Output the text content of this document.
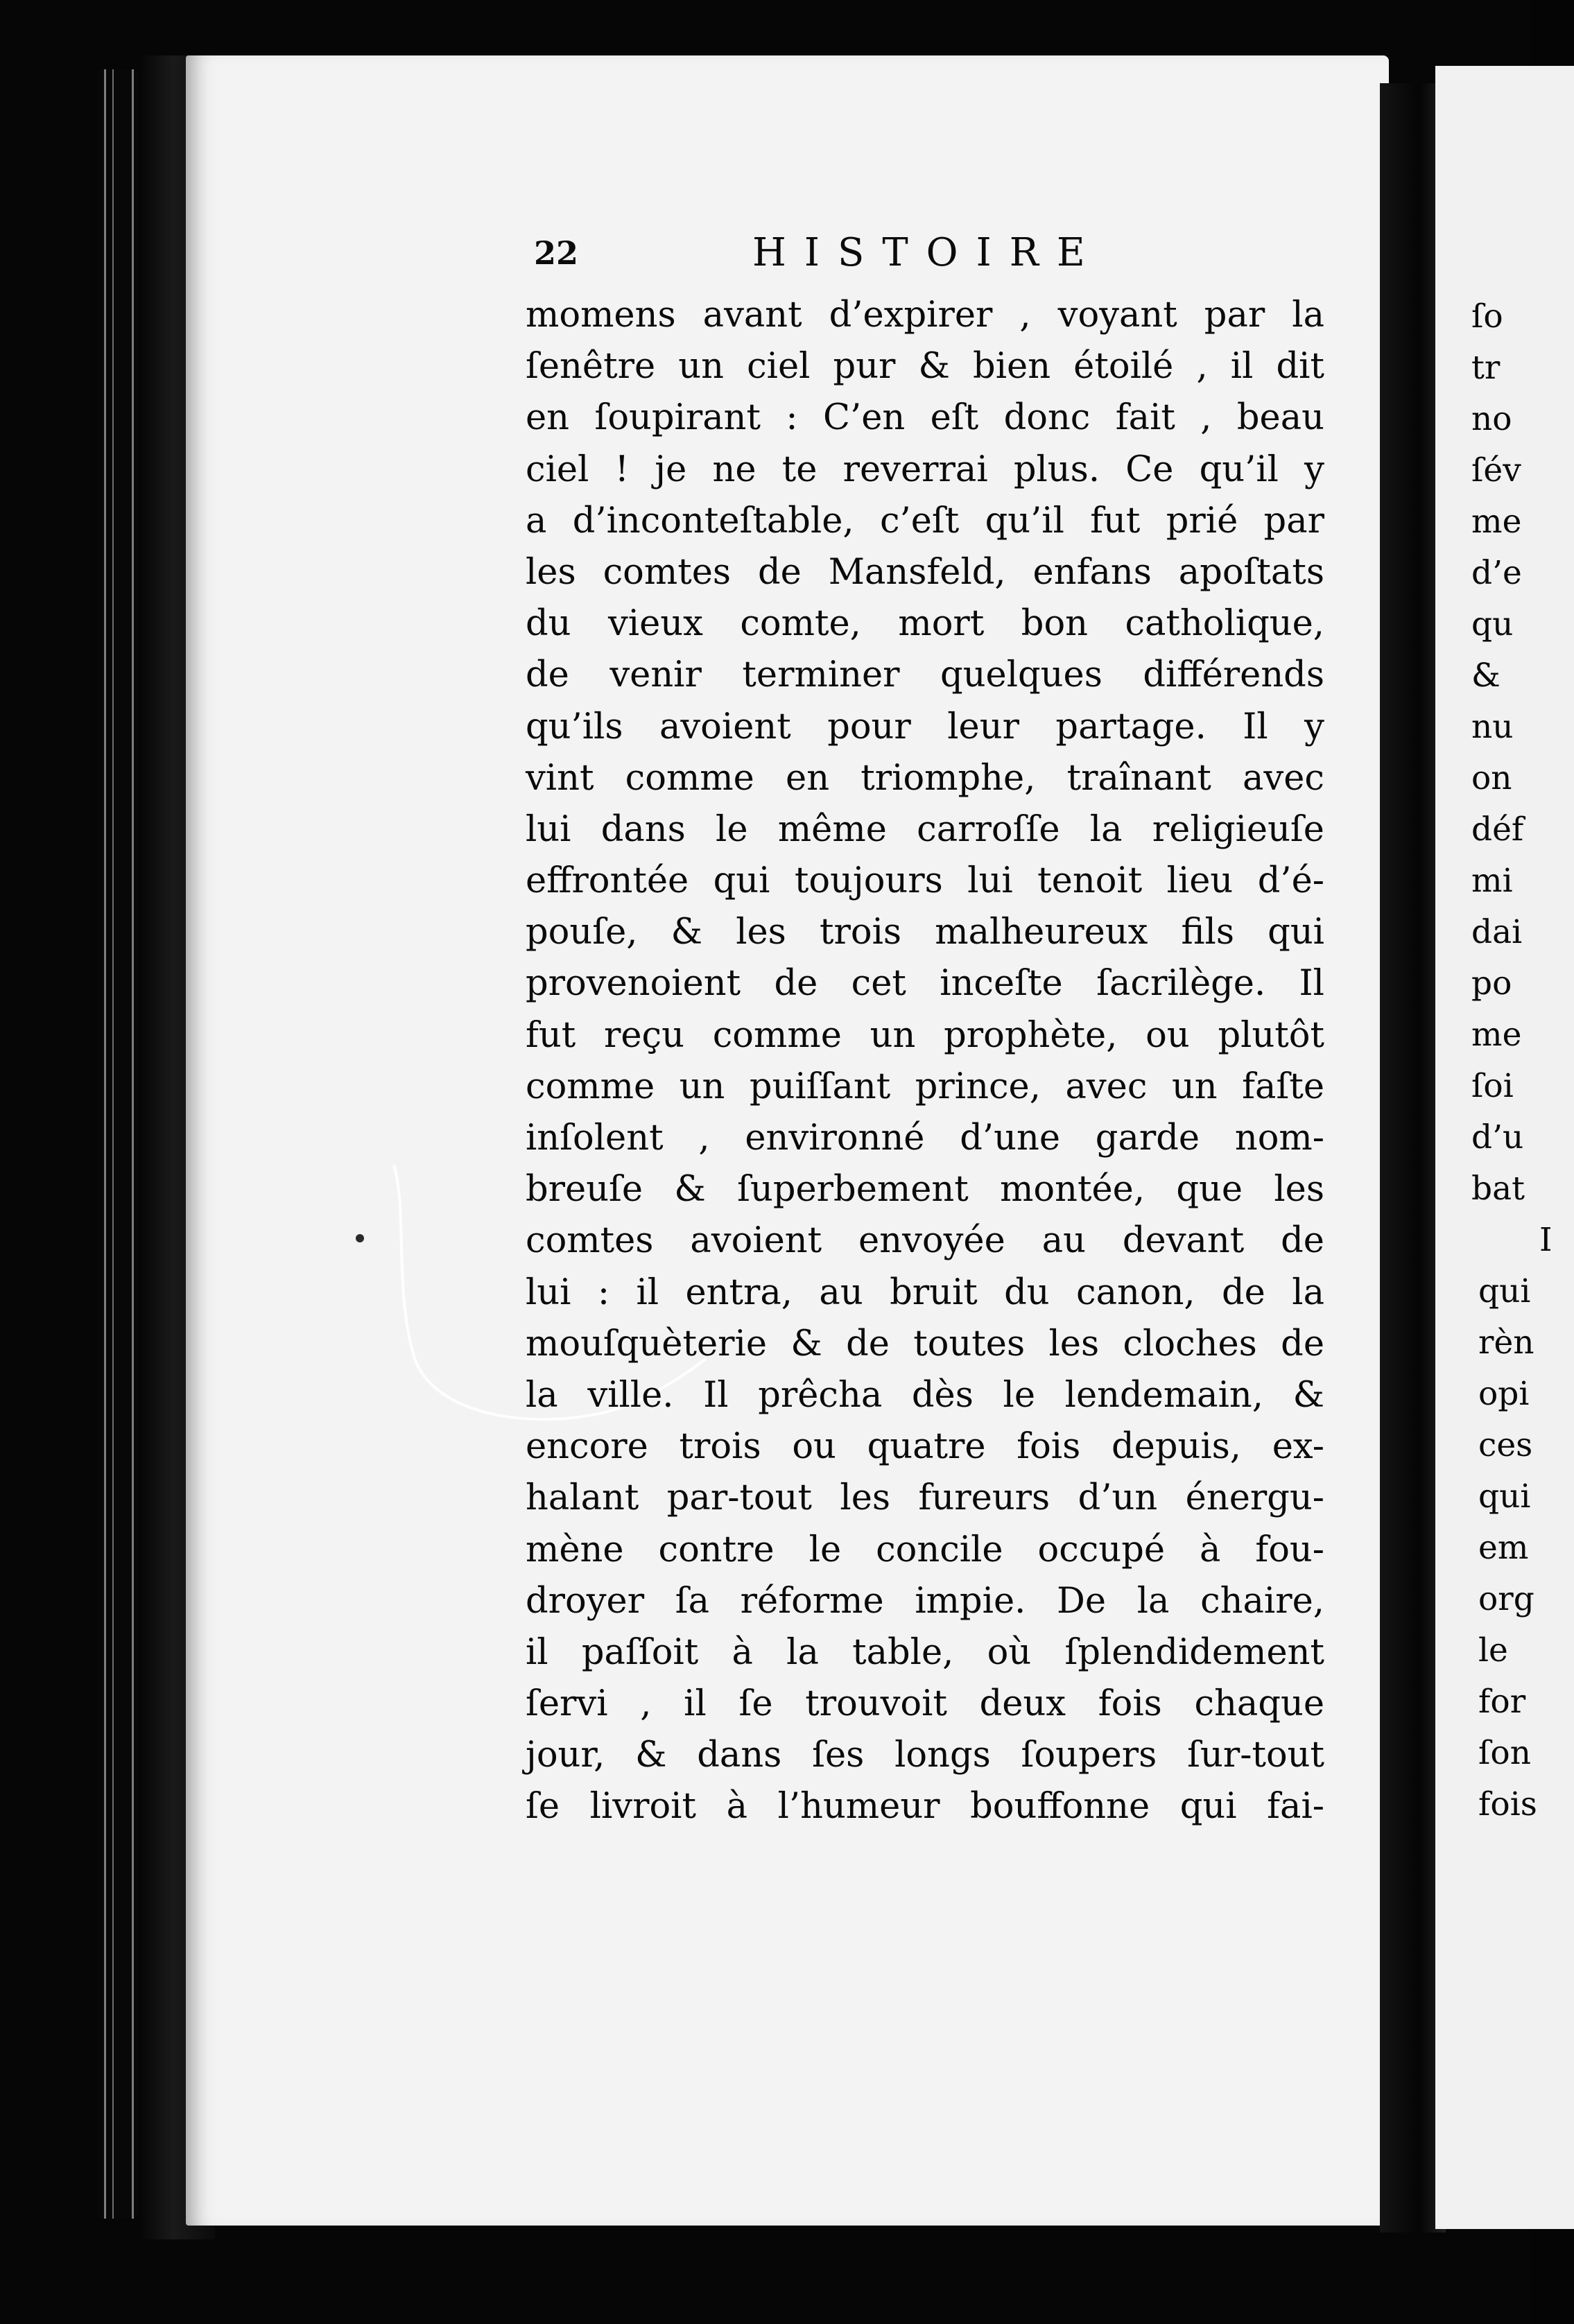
22	HISTOIRE
momens avant d’expirer , voyant par la
ſenêtre un ciel pur & bien étoilé , il dit
en ſoupirant : C’en eſt donc fait , beau
ciel ! je ne te reverrai plus. Ce qu’il y
a d’inconteſtable, c’eſt qu’il fut prié par
les comtes de Mansfeld, enfans apoſtats
du vieux comte, mort bon catholique,
de venir terminer quelques différends
qu’ils avoient pour leur partage. Il y
vint comme en triomphe, traînant avec
lui dans le même carroſſe la religieuſe
effrontée qui toujours lui tenoit lieu d’é-
pouſe, & les trois malheureux fils qui
provenoient de cet inceſte ſacrilège. Il
fut reçu comme un prophète, ou plutôt
comme un puiſſant prince, avec un faſte
inſolent , environné d’une garde nom-
breuſe & ſuperbement montée, que les
comtes avoient envoyée au devant de
lui : il entra, au bruit du canon, de la
mouſquèterie & de toutes les cloches de
la ville. Il prêcha dès le lendemain, &
encore trois ou quatre fois depuis, ex-
halant par-tout les fureurs d’un énergu-
mène contre le concile occupé à fou-
droyer ſa réforme impie. De la chaire,
il paſſoit à la table, où ſplendidement
ſervi , il ſe trouvoit deux fois chaque
jour, & dans ſes longs ſoupers ſur-tout
ſe livroit à l’humeur bouffonne qui fai-
ſo
tr
no
ſév
me
d’e
qu
&
nu
on
déf
mi
dai
po
me
ſoi
d’u
bat
I
qui
rèn
opi
ces
qui
em
org
le
for
ſon
fois
